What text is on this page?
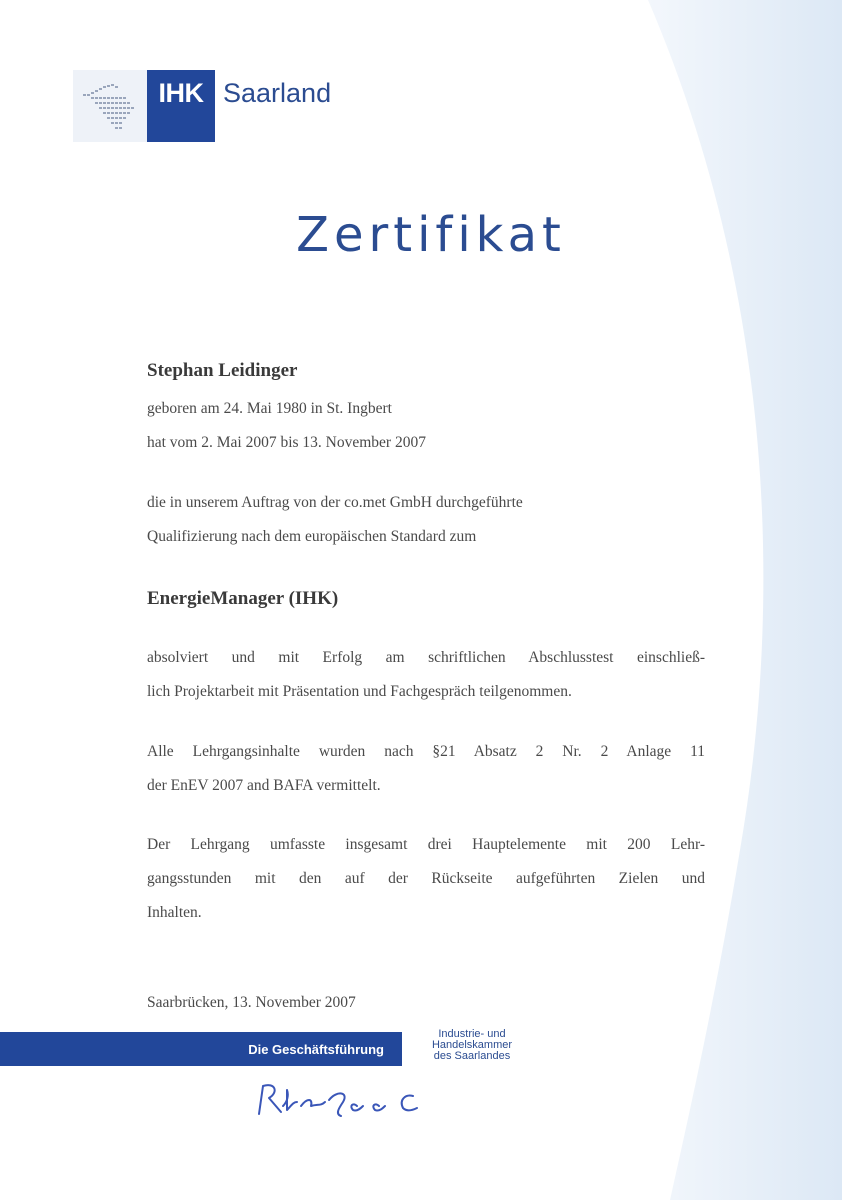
IHK Saarland
Zertifikat
Stephan Leidinger
geboren am 24. Mai 1980 in St. Ingbert
hat vom 2. Mai 2007 bis 13. November 2007
die in unserem Auftrag von der co.met GmbH durchgeführte
Qualifizierung nach dem europäischen Standard zum
EnergieManager (IHK)
absolviert und mit Erfolg am schriftlichen Abschlusstest einschließ-
lich Projektarbeit mit Präsentation und Fachgespräch teilgenommen.
Alle Lehrgangsinhalte wurden nach §21 Absatz 2 Nr. 2 Anlage 11
der EnEV 2007 and BAFA vermittelt.
Der Lehrgang umfasste insgesamt drei Hauptelemente mit 200 Lehr-
gangsstunden mit den auf der Rückseite aufgeführten Zielen und
Inhalten.
Saarbrücken, 13. November 2007
Die Geschäftsführung
Industrie- und
Handelskammer
des Saarlandes
